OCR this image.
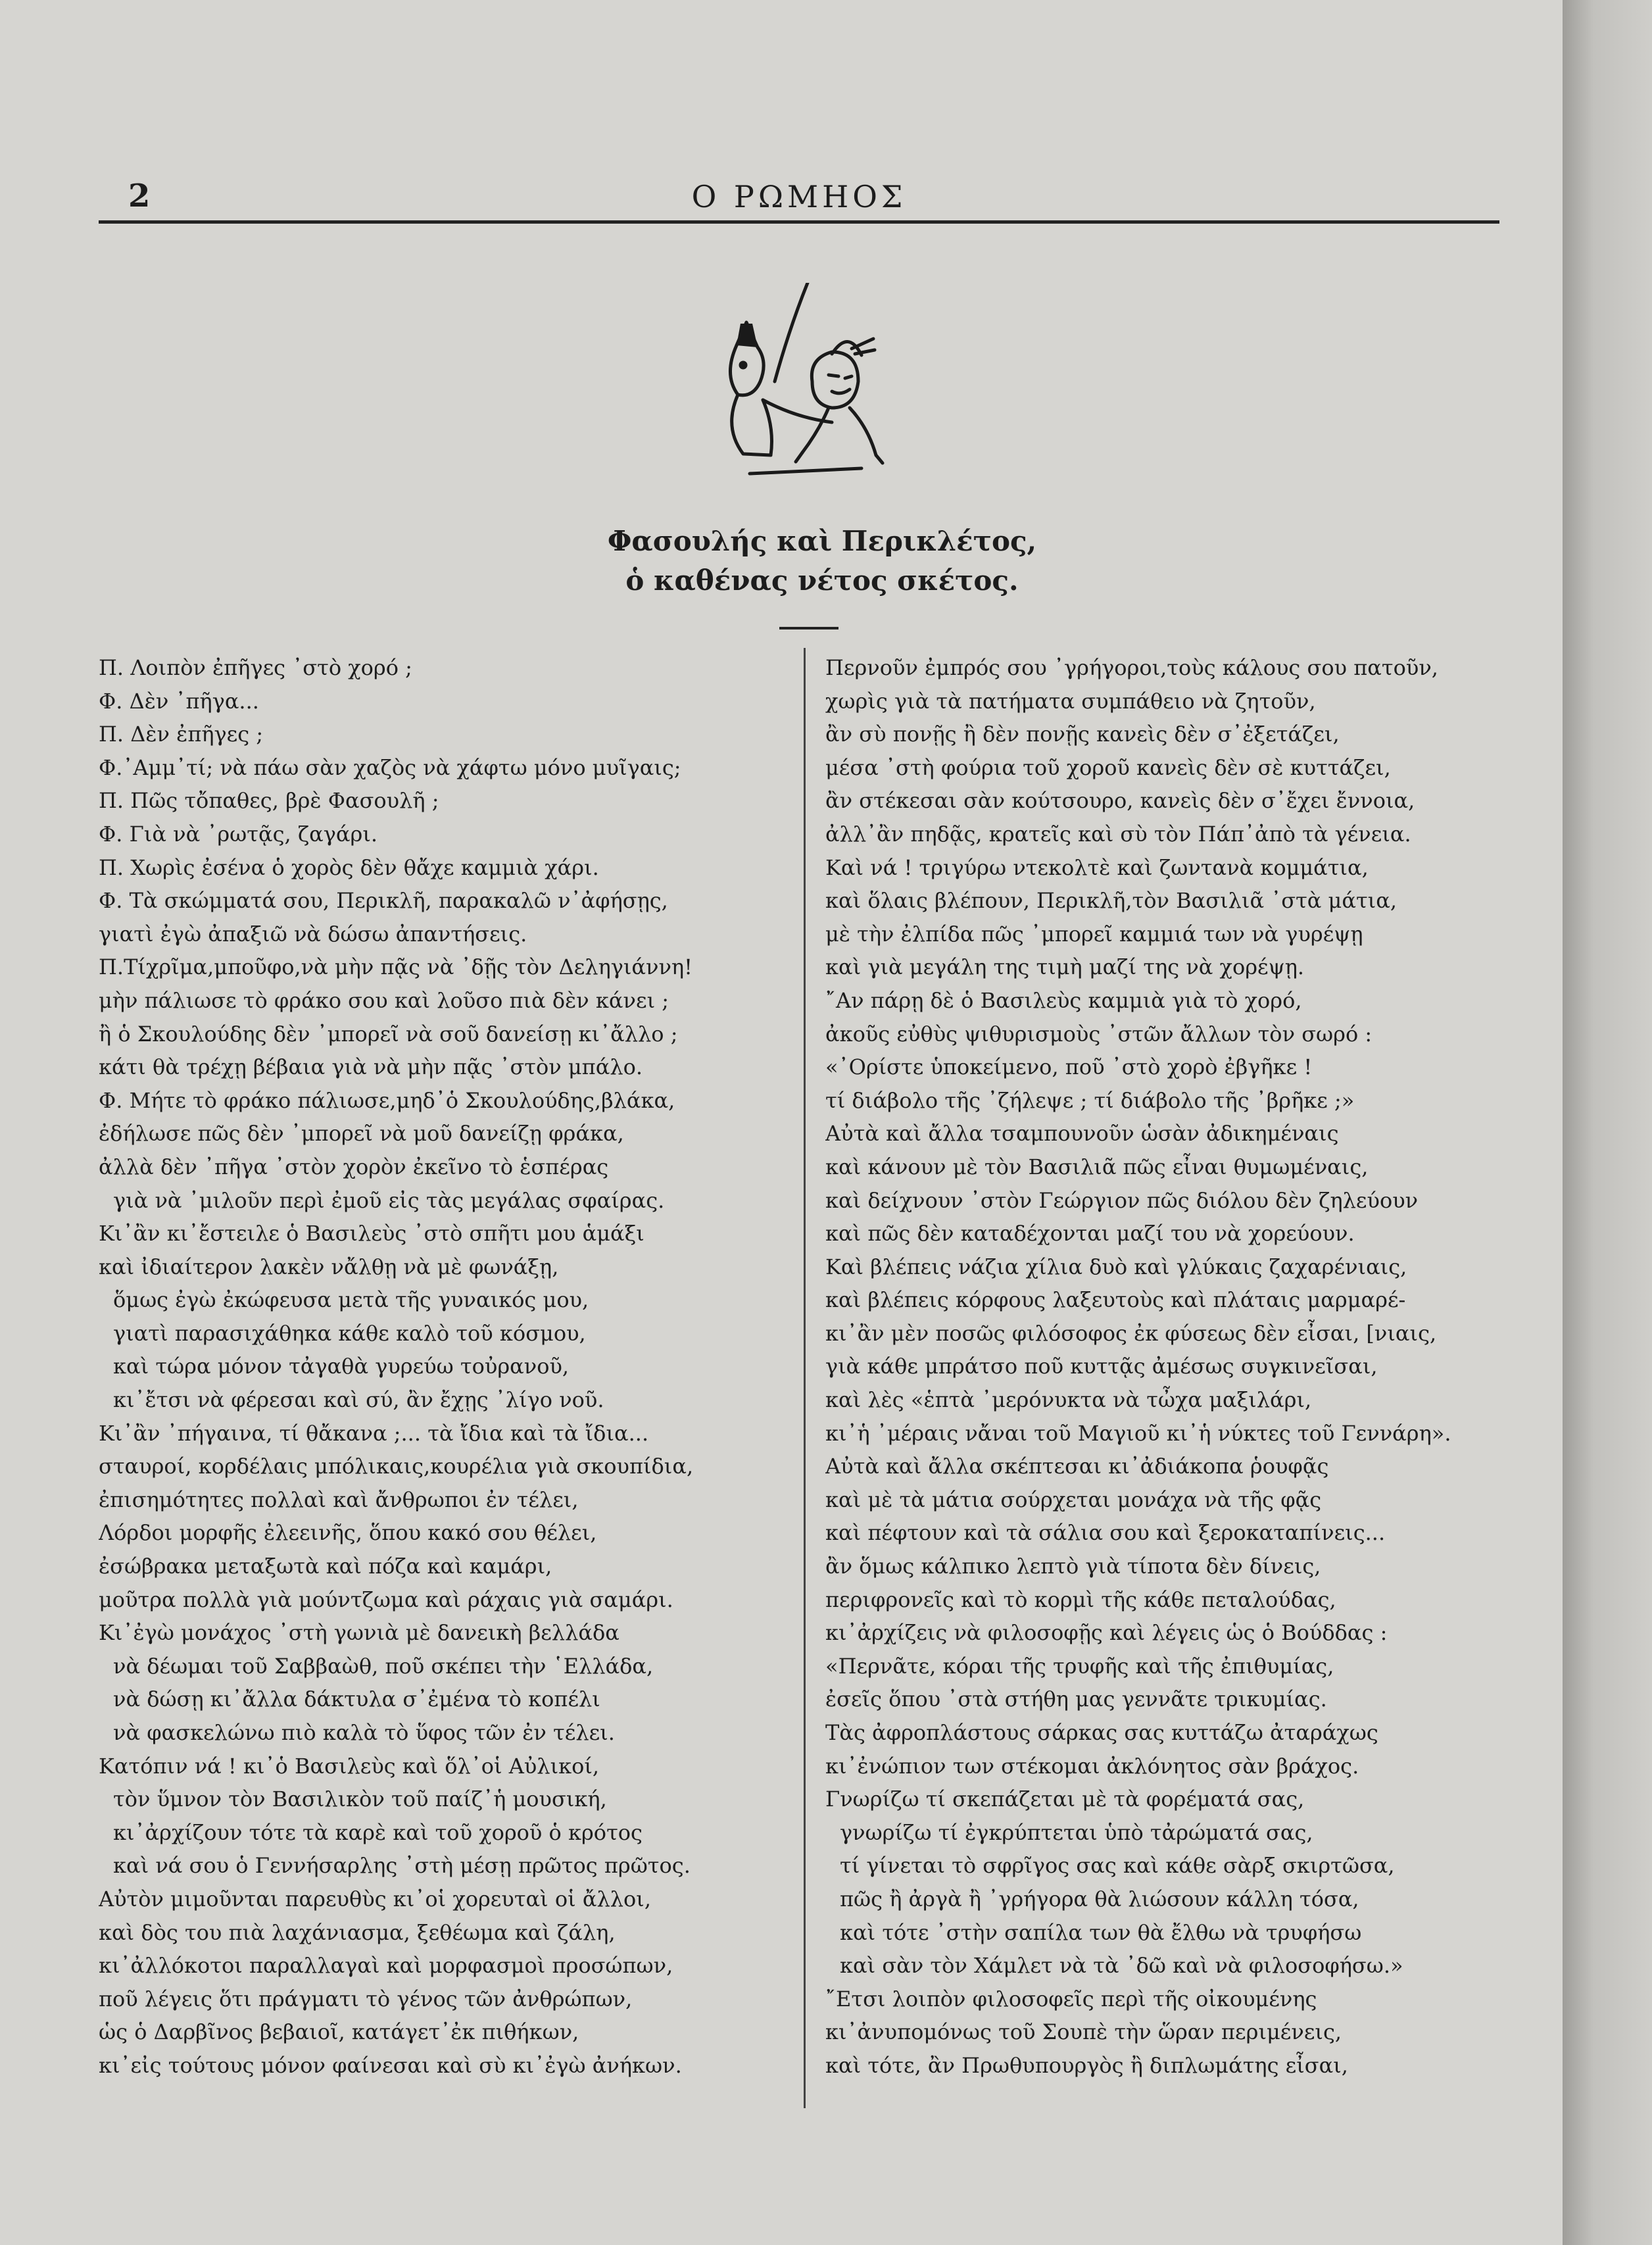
2	Ο ΡΩΜΗΟΣ
Φασουλής καὶ Περικλέτος,
ὁ καθένας νέτος σκέτος.
Π. Λοιπὸν ἐπῆγες ᾽στὸ χορό ;
Φ. Δὲν ᾽πῆγα...
Π. Δὲν ἐπῆγες ;
Φ.᾽Αμμ᾽τί; νὰ πάω σὰν χαζὸς νὰ χάφτω μόνο μυῖγαις;
Π. Πῶς τὄπαθες, βρὲ Φασουλῆ ;
Φ. Γιὰ νὰ ᾽ρωτᾷς, ζαγάρι.
Π. Χωρὶς ἐσένα ὁ χορὸς δὲν θἄχε καμμιὰ χάρι.
Φ. Τὰ σκώμματά σου, Περικλῆ, παρακαλῶ ν᾽ἀφήσῃς,
γιατὶ ἐγὼ ἀπαξιῶ νὰ δώσω ἀπαντήσεις.
Π.Τίχρῖμα,μποῦφο,νὰ μὴν πᾷς νὰ ᾽δῇς τὸν Δεληγιάννη!
μὴν πάλιωσε τὸ φράκο σου καὶ λοῦσο πιὰ δὲν κάνει ;
ἢ ὁ Σκουλούδης δὲν ᾽μπορεῖ νὰ σοῦ δανείσῃ κι᾽ἄλλο ;
κάτι θὰ τρέχῃ βέβαια γιὰ νὰ μὴν πᾷς ᾽στὸν μπάλο.
Φ. Μήτε τὸ φράκο πάλιωσε,μηδ᾽ὁ Σκουλούδης,βλάκα,
ἐδήλωσε πῶς δὲν ᾽μπορεῖ νὰ μοῦ δανείζῃ φράκα,
ἀλλὰ δὲν ᾽πῆγα ᾽στὸν χορὸν ἐκεῖνο τὸ ἑσπέρας
γιὰ νὰ ᾽μιλοῦν περὶ ἐμοῦ εἰς τὰς μεγάλας σφαίρας.
Κι᾽ἂν κι᾽ἔστειλε ὁ Βασιλεὺς ᾽στὸ σπῆτι μου ἁμάξι
καὶ ἰδιαίτερον λακὲν νἄλθῃ νὰ μὲ φωνάξῃ,
ὅμως ἐγὼ ἐκώφευσα μετὰ τῆς γυναικός μου,
γιατὶ παρασιχάθηκα κάθε καλὸ τοῦ κόσμου,
καὶ τώρα μόνον τἀγαθὰ γυρεύω τοὐρανοῦ,
κι᾽ἔτσι νὰ φέρεσαι καὶ σύ, ἂν ἔχῃς ᾽λίγο νοῦ.
Κι᾽ἂν ᾽πήγαινα, τί θἄκανα ;... τὰ ἴδια καὶ τὰ ἴδια...
σταυροί, κορδέλαις μπόλικαις,κουρέλια γιὰ σκουπίδια,
ἐπισημότητες πολλαὶ καὶ ἄνθρωποι ἐν τέλει,
Λόρδοι μορφῆς ἐλεεινῆς, ὅπου κακό σου θέλει,
ἐσώβρακα μεταξωτὰ καὶ πόζα καὶ καμάρι,
μοῦτρα πολλὰ γιὰ μούντζωμα καὶ ράχαις γιὰ σαμάρι.
Κι᾽ἐγὼ μονάχος ᾽στὴ γωνιὰ μὲ δανεικὴ βελλάδα
νὰ δέωμαι τοῦ Σαββαὼθ, ποῦ σκέπει τὴν ῾Ελλάδα,
νὰ δώσῃ κι᾽ἄλλα δάκτυλα σ᾽ἐμένα τὸ κοπέλι
νὰ φασκελώνω πιὸ καλὰ τὸ ὕφος τῶν ἐν τέλει.
Κατόπιν νά ! κι᾽ὁ Βασιλεὺς καὶ ὅλ᾽οἱ Αὐλικοί,
τὸν ὕμνον τὸν Βασιλικὸν τοῦ παίζ᾽ἡ μουσική,
κι᾽ἀρχίζουν τότε τὰ καρὲ καὶ τοῦ χοροῦ ὁ κρότος
καὶ νά σου ὁ Γεννήσαρλης ᾽στὴ μέσῃ πρῶτος πρῶτος.
Αὐτὸν μιμοῦνται παρευθὺς κι᾽οἱ χορευταὶ οἱ ἄλλοι,
καὶ δὸς του πιὰ λαχάνιασμα, ξεθέωμα καὶ ζάλη,
κι᾽ἀλλόκοτοι παραλλαγαὶ καὶ μορφασμοὶ προσώπων,
ποῦ λέγεις ὅτι πράγματι τὸ γένος τῶν ἀνθρώπων,
ὡς ὁ Δαρβῖνος βεβαιοῖ, κατάγετ᾽ἐκ πιθήκων,
κι᾽εἰς τούτους μόνον φαίνεσαι καὶ σὺ κι᾽ἐγὼ ἀνήκων.
Περνοῦν ἐμπρός σου ᾽γρήγοροι,τοὺς κάλους σου πατοῦν,
χωρὶς γιὰ τὰ πατήματα συμπάθειο νὰ ζητοῦν,
ἂν σὺ πονῇς ἢ δὲν πονῇς κανεὶς δὲν σ᾽ἐξετάζει,
μέσα ᾽στὴ φούρια τοῦ χοροῦ κανεὶς δὲν σὲ κυττάζει,
ἂν στέκεσαι σὰν κούτσουρο, κανεὶς δὲν σ᾽ἔχει ἔννοια,
ἀλλ᾽ἂν πηδᾷς, κρατεῖς καὶ σὺ τὸν Πάπ᾽ἀπὸ τὰ γένεια.
Καὶ νά ! τριγύρω ντεκολτὲ καὶ ζωντανὰ κομμάτια,
καὶ ὅλαις βλέπουν, Περικλῆ,τὸν Βασιλιᾶ ᾽στὰ μάτια,
μὲ τὴν ἐλπίδα πῶς ᾽μπορεῖ καμμιά των νὰ γυρέψῃ
καὶ γιὰ μεγάλη της τιμὴ μαζί της νὰ χορέψῃ.
῎Αν πάρῃ δὲ ὁ Βασιλεὺς καμμιὰ γιὰ τὸ χορό,
ἀκοῦς εὐθὺς ψιθυρισμοὺς ᾽στῶν ἄλλων τὸν σωρό :
«᾽Ορίστε ὑποκείμενο, ποῦ ᾽στὸ χορὸ ἐβγῆκε !
τί διάβολο τῆς ᾽ζήλεψε ; τί διάβολο τῆς ᾽βρῆκε ;»
Αὐτὰ καὶ ἄλλα τσαμπουνοῦν ὡσὰν ἀδικημέναις
καὶ κάνουν μὲ τὸν Βασιλιᾶ πῶς εἶναι θυμωμέναις,
καὶ δείχνουν ᾽στὸν Γεώργιον πῶς διόλου δὲν ζηλεύουν
καὶ πῶς δὲν καταδέχονται μαζί του νὰ χορεύουν.
Καὶ βλέπεις νάζια χίλια δυὸ καὶ γλύκαις ζαχαρένιαις,
καὶ βλέπεις κόρφους λαξευτοὺς καὶ πλάταις μαρμαρέ-
κι᾽ἂν μὲν ποσῶς φιλόσοφος ἐκ φύσεως δὲν εἶσαι, [νιαις,
γιὰ κάθε μπράτσο ποῦ κυττᾷς ἀμέσως συγκινεῖσαι,
καὶ λὲς «ἑπτὰ ᾽μερόνυκτα νὰ τὦχα μαξιλάρι,
κι᾽ἡ ᾽μέραις νἄναι τοῦ Μαγιοῦ κι᾽ἡ νύκτες τοῦ Γεννάρη».
Αὐτὰ καὶ ἄλλα σκέπτεσαι κι᾽ἀδιάκοπα ῥουφᾷς
καὶ μὲ τὰ μάτια σούρχεται μονάχα νὰ τῆς φᾷς
καὶ πέφτουν καὶ τὰ σάλια σου καὶ ξεροκαταπίνεις...
ἂν ὅμως κάλπικο λεπτὸ γιὰ τίποτα δὲν δίνεις,
περιφρονεῖς καὶ τὸ κορμὶ τῆς κάθε πεταλούδας,
κι᾽ἀρχίζεις νὰ φιλοσοφῇς καὶ λέγεις ὡς ὁ Βούδδας :
«Περνᾶτε, κόραι τῆς τρυφῆς καὶ τῆς ἐπιθυμίας,
ἐσεῖς ὅπου ᾽στὰ στήθη μας γεννᾶτε τρικυμίας.
Τὰς ἀφροπλάστους σάρκας σας κυττάζω ἀταράχως
κι᾽ἐνώπιον των στέκομαι ἀκλόνητος σὰν βράχος.
Γνωρίζω τί σκεπάζεται μὲ τὰ φορέματά σας,
γνωρίζω τί ἐγκρύπτεται ὑπὸ τἀρώματά σας,
τί γίνεται τὸ σφρῖγος σας καὶ κάθε σὰρξ σκιρτῶσα,
πῶς ἢ ἀργὰ ἢ ᾽γρήγορα θὰ λιώσουν κάλλη τόσα,
καὶ τότε ᾽στὴν σαπίλα των θὰ ἔλθω νὰ τρυφήσω
καὶ σὰν τὸν Χάμλετ νὰ τὰ ᾽δῶ καὶ νὰ φιλοσοφήσω.»
῎Ετσι λοιπὸν φιλοσοφεῖς περὶ τῆς οἰκουμένης
κι᾽ἀνυπομόνως τοῦ Σουπὲ τὴν ὥραν περιμένεις,
καὶ τότε, ἂν Πρωθυπουργὸς ἢ διπλωμάτης εἶσαι,
